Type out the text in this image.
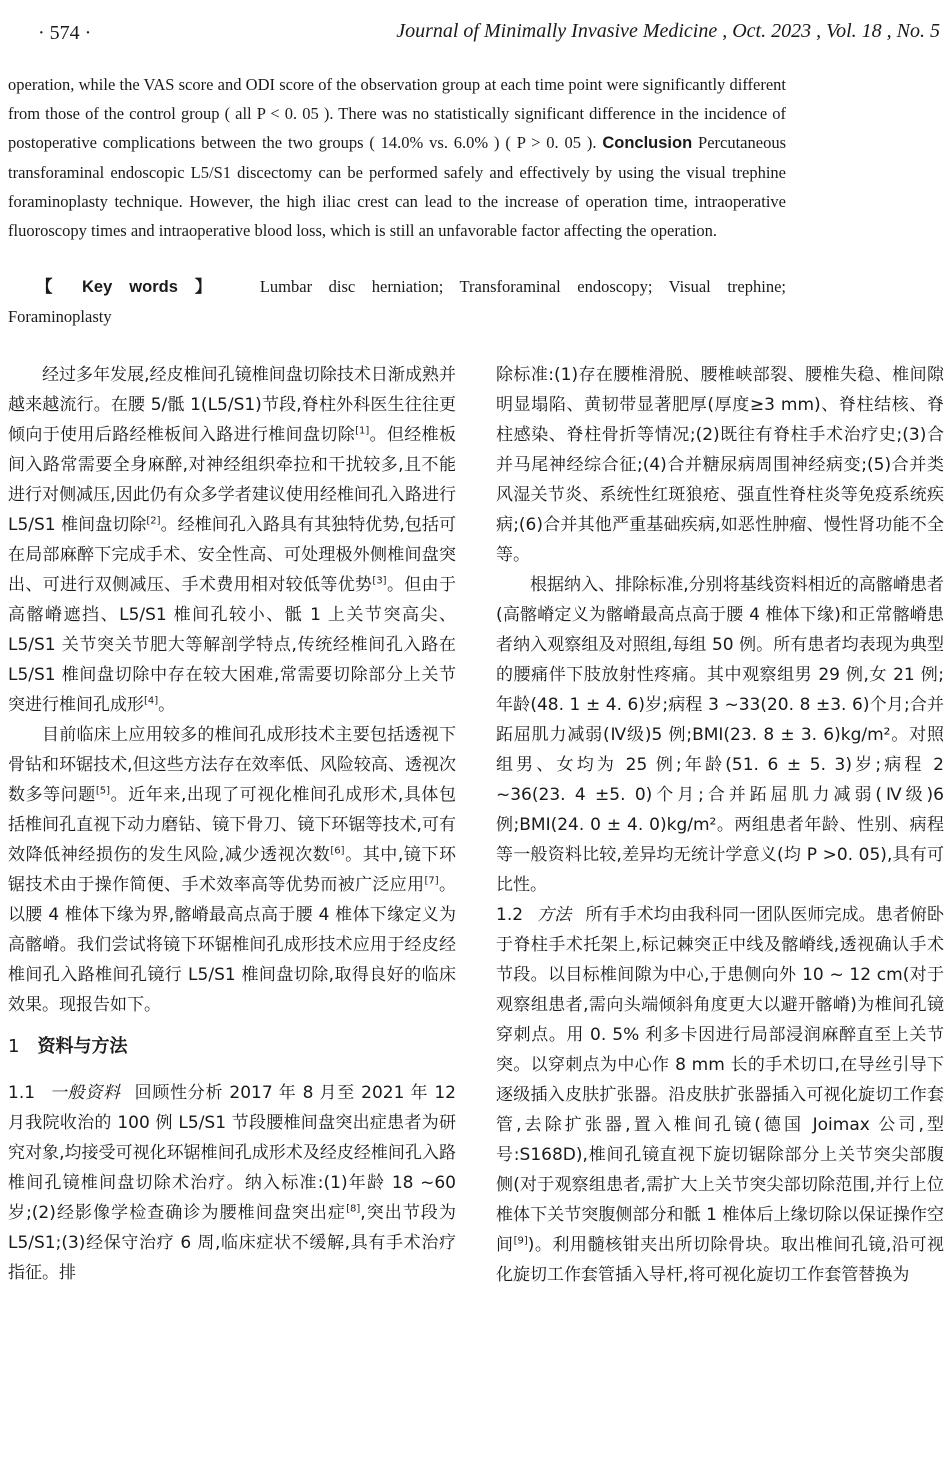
· 574 ·	Journal of Minimally Invasive Medicine , Oct. 2023 , Vol. 18 , No. 5

operation, while the VAS score and ODI score of the observation group at each time point were significantly different from those of the control group ( all P < 0. 05 ). There was no statistically significant difference in the incidence of postoperative complications between the two groups ( 14.0% vs. 6.0% ) ( P > 0. 05 ). Conclusion Percutaneous transforaminal endoscopic L5/S1 discectomy can be performed safely and effectively by using the visual trephine foraminoplasty technique. However, the high iliac crest can lead to the increase of operation time, intraoperative fluoroscopy times and intraoperative blood loss, which is still an unfavorable factor affecting the operation.

【 Key words 】 Lumbar disc herniation; Transforaminal endoscopy; Visual trephine;
Foraminoplasty

经过多年发展,经皮椎间孔镜椎间盘切除技术日渐成熟并越来越流行。在腰 5/骶 1(L5/S1)节段,脊柱外科医生往往更倾向于使用后路经椎板间入路进行椎间盘切除[1]。但经椎板间入路常需要全身麻醉,对神经组织牵拉和干扰较多,且不能进行对侧减压,因此仍有众多学者建议使用经椎间孔入路进行 L5/S1 椎间盘切除[2]。经椎间孔入路具有其独特优势,包括可在局部麻醉下完成手术、安全性高、可处理极外侧椎间盘突出、可进行双侧减压、手术费用相对较低等优势[3]。但由于高髂嵴遮挡、L5/S1 椎间孔较小、骶 1 上关节突高尖、L5/S1 关节突关节肥大等解剖学特点,传统经椎间孔入路在 L5/S1 椎间盘切除中存在较大困难,常需要切除部分上关节突进行椎间孔成形[4]。

目前临床上应用较多的椎间孔成形技术主要包括透视下骨钻和环锯技术,但这些方法存在效率低、风险较高、透视次数多等问题[5]。近年来,出现了可视化椎间孔成形术,具体包括椎间孔直视下动力磨钻、镜下骨刀、镜下环锯等技术,可有效降低神经损伤的发生风险,减少透视次数[6]。其中,镜下环锯技术由于操作简便、手术效率高等优势而被广泛应用[7]。以腰 4 椎体下缘为界,髂嵴最高点高于腰 4 椎体下缘定义为高髂嵴。我们尝试将镜下环锯椎间孔成形技术应用于经皮经椎间孔入路椎间孔镜行 L5/S1 椎间盘切除,取得良好的临床效果。现报告如下。

1 资料与方法

1.1 一般资料 回顾性分析 2017 年 8 月至 2021 年 12 月我院收治的 100 例 L5/S1 节段腰椎间盘突出症患者为研究对象,均接受可视化环锯椎间孔成形术及经皮经椎间孔入路椎间孔镜椎间盘切除术治疗。纳入标准:(1)年龄 18 ~60 岁;(2)经影像学检查确诊为腰椎间盘突出症[8],突出节段为 L5/S1;(3)经保守治疗 6 周,临床症状不缓解,具有手术治疗指征。排

除标准:(1)存在腰椎滑脱、腰椎峡部裂、腰椎失稳、椎间隙明显塌陷、黄韧带显著肥厚(厚度≥3 mm)、脊柱结核、脊柱感染、脊柱骨折等情况;(2)既往有脊柱手术治疗史;(3)合并马尾神经综合征;(4)合并糖尿病周围神经病变;(5)合并类风湿关节炎、系统性红斑狼疮、强直性脊柱炎等免疫系统疾病;(6)合并其他严重基础疾病,如恶性肿瘤、慢性肾功能不全等。

根据纳入、排除标准,分别将基线资料相近的高髂嵴患者(高髂嵴定义为髂嵴最高点高于腰 4 椎体下缘)和正常髂嵴患者纳入观察组及对照组,每组 50 例。所有患者均表现为典型的腰痛伴下肢放射性疼痛。其中观察组男 29 例,女 21 例;年龄(48. 1 ± 4. 6)岁;病程 3 ~33(20. 8 ±3. 6)个月;合并跖屈肌力减弱(Ⅳ级)5 例;BMI(23. 8 ± 3. 6)kg/m²。对照组男、女均为 25 例;年龄(51. 6 ± 5. 3)岁;病程 2 ~36(23. 4 ±5. 0)个月;合并跖屈肌力减弱(Ⅳ级)6 例;BMI(24. 0 ± 4. 0)kg/m²。两组患者年龄、性别、病程等一般资料比较,差异均无统计学意义(均 P >0. 05),具有可比性。

1.2 方法 所有手术均由我科同一团队医师完成。患者俯卧于脊柱手术托架上,标记棘突正中线及髂嵴线,透视确认手术节段。以目标椎间隙为中心,于患侧向外 10 ~ 12 cm(对于观察组患者,需向头端倾斜角度更大以避开髂嵴)为椎间孔镜穿刺点。用 0. 5% 利多卡因进行局部浸润麻醉直至上关节突。以穿刺点为中心作 8 mm 长的手术切口,在导丝引导下逐级插入皮肤扩张器。沿皮肤扩张器插入可视化旋切工作套管,去除扩张器,置入椎间孔镜(德国 Joimax 公司,型号:S168D),椎间孔镜直视下旋切锯除部分上关节突尖部腹侧(对于观察组患者,需扩大上关节突尖部切除范围,并行上位椎体下关节突腹侧部分和骶 1 椎体后上缘切除以保证操作空间[9])。利用髓核钳夹出所切除骨块。取出椎间孔镜,沿可视化旋切工作套管插入导杆,将可视化旋切工作套管替换为
